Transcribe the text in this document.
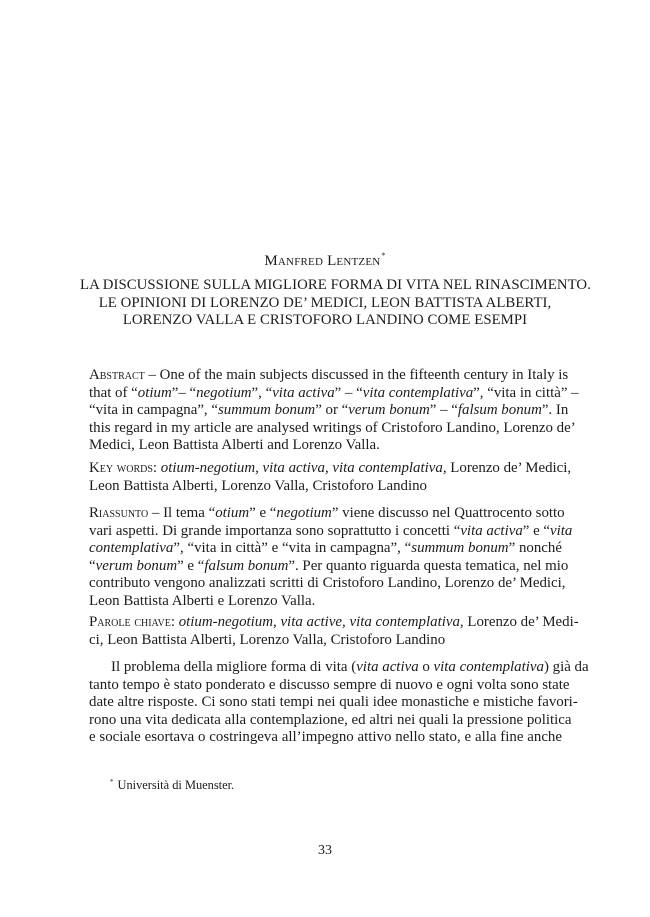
Manfred Lentzen*
LA DISCUSSIONE SULLA MIGLIORE FORMA DI VITA NEL RINASCIMENTO.
LE OPINIONI DI LORENZO DE’ MEDICI, LEON BATTISTA ALBERTI,
LORENZO VALLA E CRISTOFORO LANDINO COME ESEMPI
Abstract – One of the main subjects discussed in the fifteenth century in Italy is
that of “otium”– “negotium”, “vita activa” – “vita contemplativa”, “vita in città” –
“vita in campagna”, “summum bonum” or “verum bonum” – “falsum bonum”. In
this regard in my article are analysed writings of Cristoforo Landino, Lorenzo de’
Medici, Leon Battista Alberti and Lorenzo Valla.
Key words: otium-negotium, vita activa, vita contemplativa, Lorenzo de’ Medici,
Leon Battista Alberti, Lorenzo Valla, Cristoforo Landino
Riassunto – Il tema “otium” e “negotium” viene discusso nel Quattrocento sotto
vari aspetti. Di grande importanza sono soprattutto i concetti “vita activa” e “vita
contemplativa”, “vita in città” e “vita in campagna”, “summum bonum” nonché
“verum bonum” e “falsum bonum”. Per quanto riguarda questa tematica, nel mio
contributo vengono analizzati scritti di Cristoforo Landino, Lorenzo de’ Medici,
Leon Battista Alberti e Lorenzo Valla.
Parole chiave: otium-negotium, vita active, vita contemplativa, Lorenzo de’ Medi-
ci, Leon Battista Alberti, Lorenzo Valla, Cristoforo Landino
Il problema della migliore forma di vita (vita activa o vita contemplativa) già da
tanto tempo è stato ponderato e discusso sempre di nuovo e ogni volta sono state
date altre risposte. Ci sono stati tempi nei quali idee monastiche e mistiche favori-
rono una vita dedicata alla contemplazione, ed altri nei quali la pressione politica
e sociale esortava o costringeva all’impegno attivo nello stato, e alla fine anche
* Università di Muenster.
33
